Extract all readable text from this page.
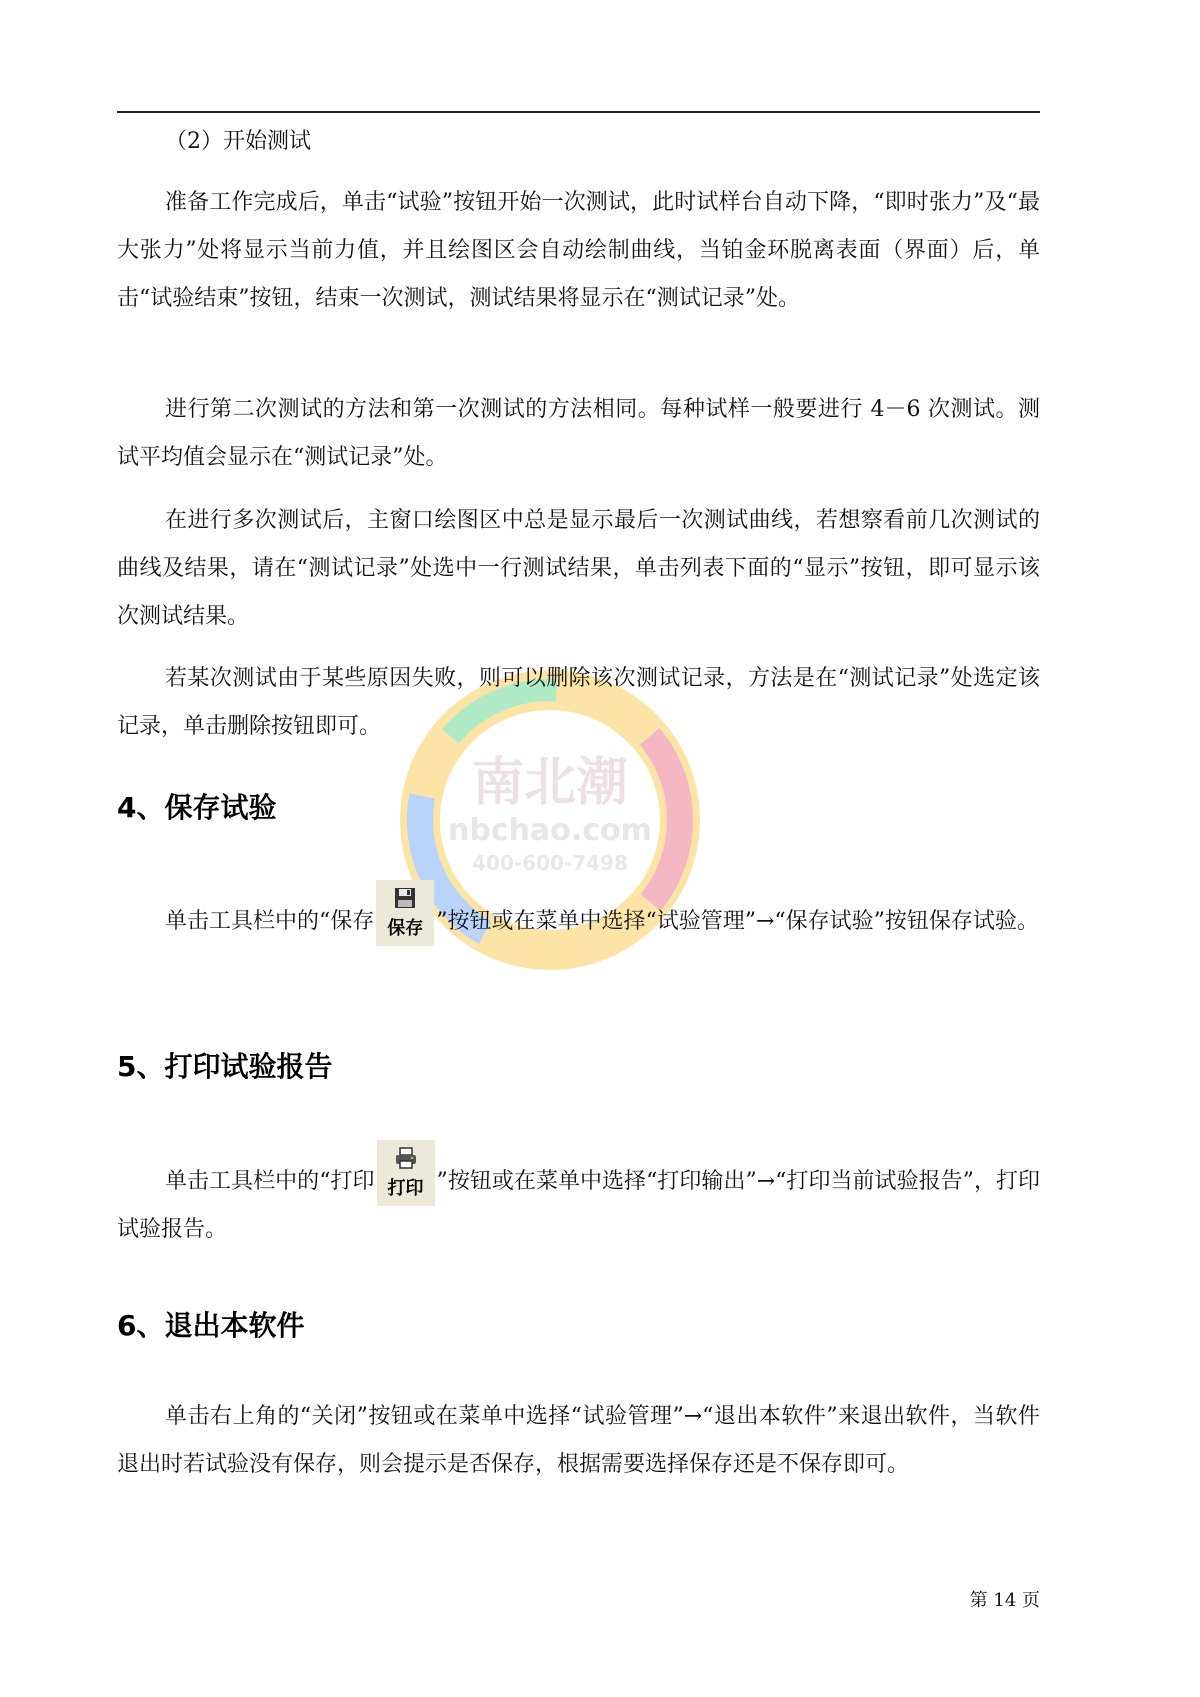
南北潮
nbchao.com
400-600-7498
（2）开始测试
准备工作完成后，单击“试验”按钮开始一次测试，此时试样台自动下降，“即时张力”及“最大张力”处将显示当前力值，并且绘图区会自动绘制曲线，当铂金环脱离表面（界面）后，单击“试验结束”按钮，结束一次测试，测试结果将显示在“测试记录”处。
进行第二次测试的方法和第一次测试的方法相同。每种试样一般要进行 4－6 次测试。测试平均值会显示在“测试记录”处。
在进行多次测试后，主窗口绘图区中总是显示最后一次测试曲线，若想察看前几次测试的曲线及结果，请在“测试记录”处选中一行测试结果，单击列表下面的“显示”按钮，即可显示该次测试结果。
若某次测试由于某些原因失败，则可以删除该次测试记录，方法是在“测试记录”处选定该记录，单击删除按钮即可。
4、保存试验
单击工具栏中的“保存 保存 ”按钮或在菜单中选择“试验管理”→“保存试验”按钮保存试验。
5、打印试验报告
单击工具栏中的“打印 打印 ”按钮或在菜单中选择“打印输出”→“打印当前试验报告”，打印试验报告。
6、退出本软件
单击右上角的“关闭”按钮或在菜单中选择“试验管理”→“退出本软件”来退出软件，当软件退出时若试验没有保存，则会提示是否保存，根据需要选择保存还是不保存即可。
第 14 页
